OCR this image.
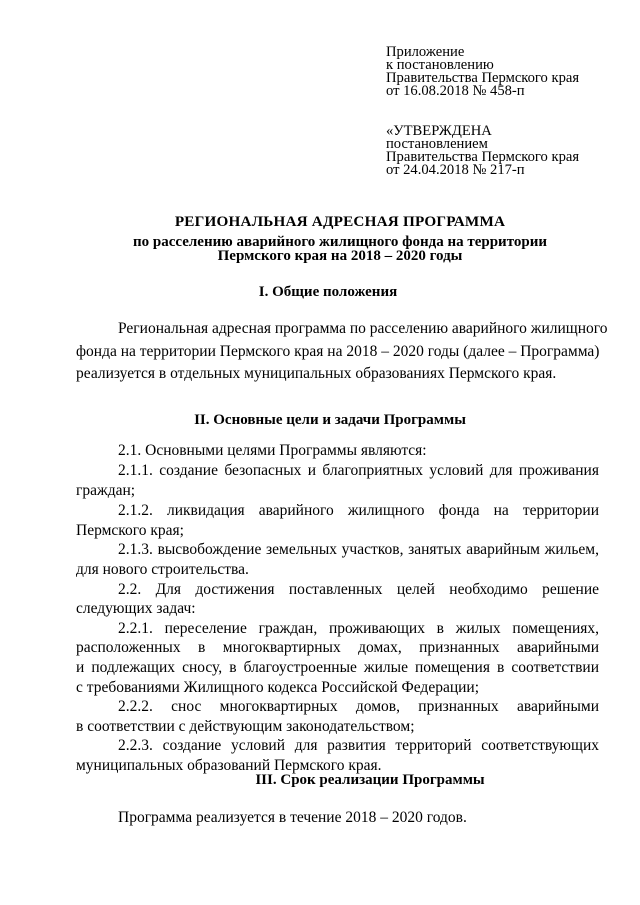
Приложение
к постановлению
Правительства Пермского края
от 16.08.2018 № 458-п
«УТВЕРЖДЕНА
постановлением
Правительства Пермского края
от 24.04.2018 № 217-п
РЕГИОНАЛЬНАЯ АДРЕСНАЯ ПРОГРАММА
по расселению аварийного жилищного фонда на территории
Пермского края на 2018 – 2020 годы
I. Общие положения
Региональная адресная программа по расселению аварийного жилищного
фонда на территории Пермского края на 2018 – 2020 годы (далее – Программа)
реализуется в отдельных муниципальных образованиях Пермского края.
II. Основные цели и задачи Программы
2.1. Основными целями Программы являются:
2.1.1. создание безопасных и благоприятных условий для проживания
граждан;
2.1.2. ликвидация аварийного жилищного фонда на территории
Пермского края;
2.1.3. высвобождение земельных участков, занятых аварийным жильем,
для нового строительства.
2.2. Для достижения поставленных целей необходимо решение
следующих задач:
2.2.1. переселение граждан, проживающих в жилых помещениях,
расположенных в многоквартирных домах, признанных аварийными
и подлежащих сносу, в благоустроенные жилые помещения в соответствии
с требованиями Жилищного кодекса Российской Федерации;
2.2.2. снос многоквартирных домов, признанных аварийными
в соответствии с действующим законодательством;
2.2.3. создание условий для развития территорий соответствующих
муниципальных образований Пермского края.
III. Срок реализации Программы
Программа реализуется в течение 2018 – 2020 годов.
